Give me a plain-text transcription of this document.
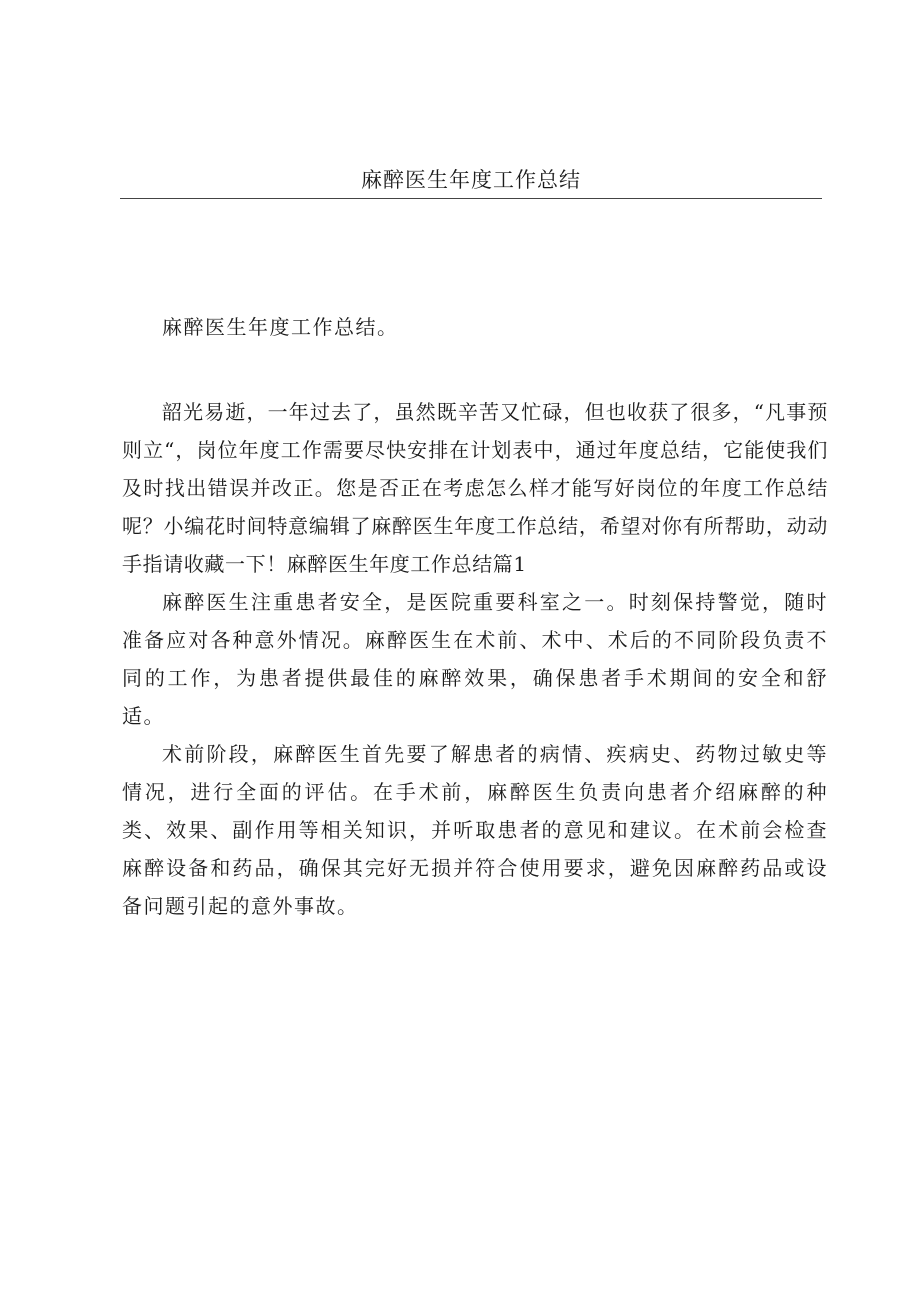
麻醉医生年度工作总结

麻醉医生年度工作总结。

韶光易逝，一年过去了，虽然既辛苦又忙碌，但也收获了很多，“凡事预则立“，岗位年度工作需要尽快安排在计划表中，通过年度总结，它能使我们及时找出错误并改正。您是否正在考虑怎么样才能写好岗位的年度工作总结呢？小编花时间特意编辑了麻醉医生年度工作总结，希望对你有所帮助，动动手指请收藏一下！麻醉医生年度工作总结篇1

麻醉医生注重患者安全，是医院重要科室之一。时刻保持警觉，随时准备应对各种意外情况。麻醉医生在术前、术中、术后的不同阶段负责不同的工作，为患者提供最佳的麻醉效果，确保患者手术期间的安全和舒适。

术前阶段，麻醉医生首先要了解患者的病情、疾病史、药物过敏史等情况，进行全面的评估。在手术前，麻醉医生负责向患者介绍麻醉的种类、效果、副作用等相关知识，并听取患者的意见和建议。在术前会检查麻醉设备和药品，确保其完好无损并符合使用要求，避免因麻醉药品或设备问题引起的意外事故。
